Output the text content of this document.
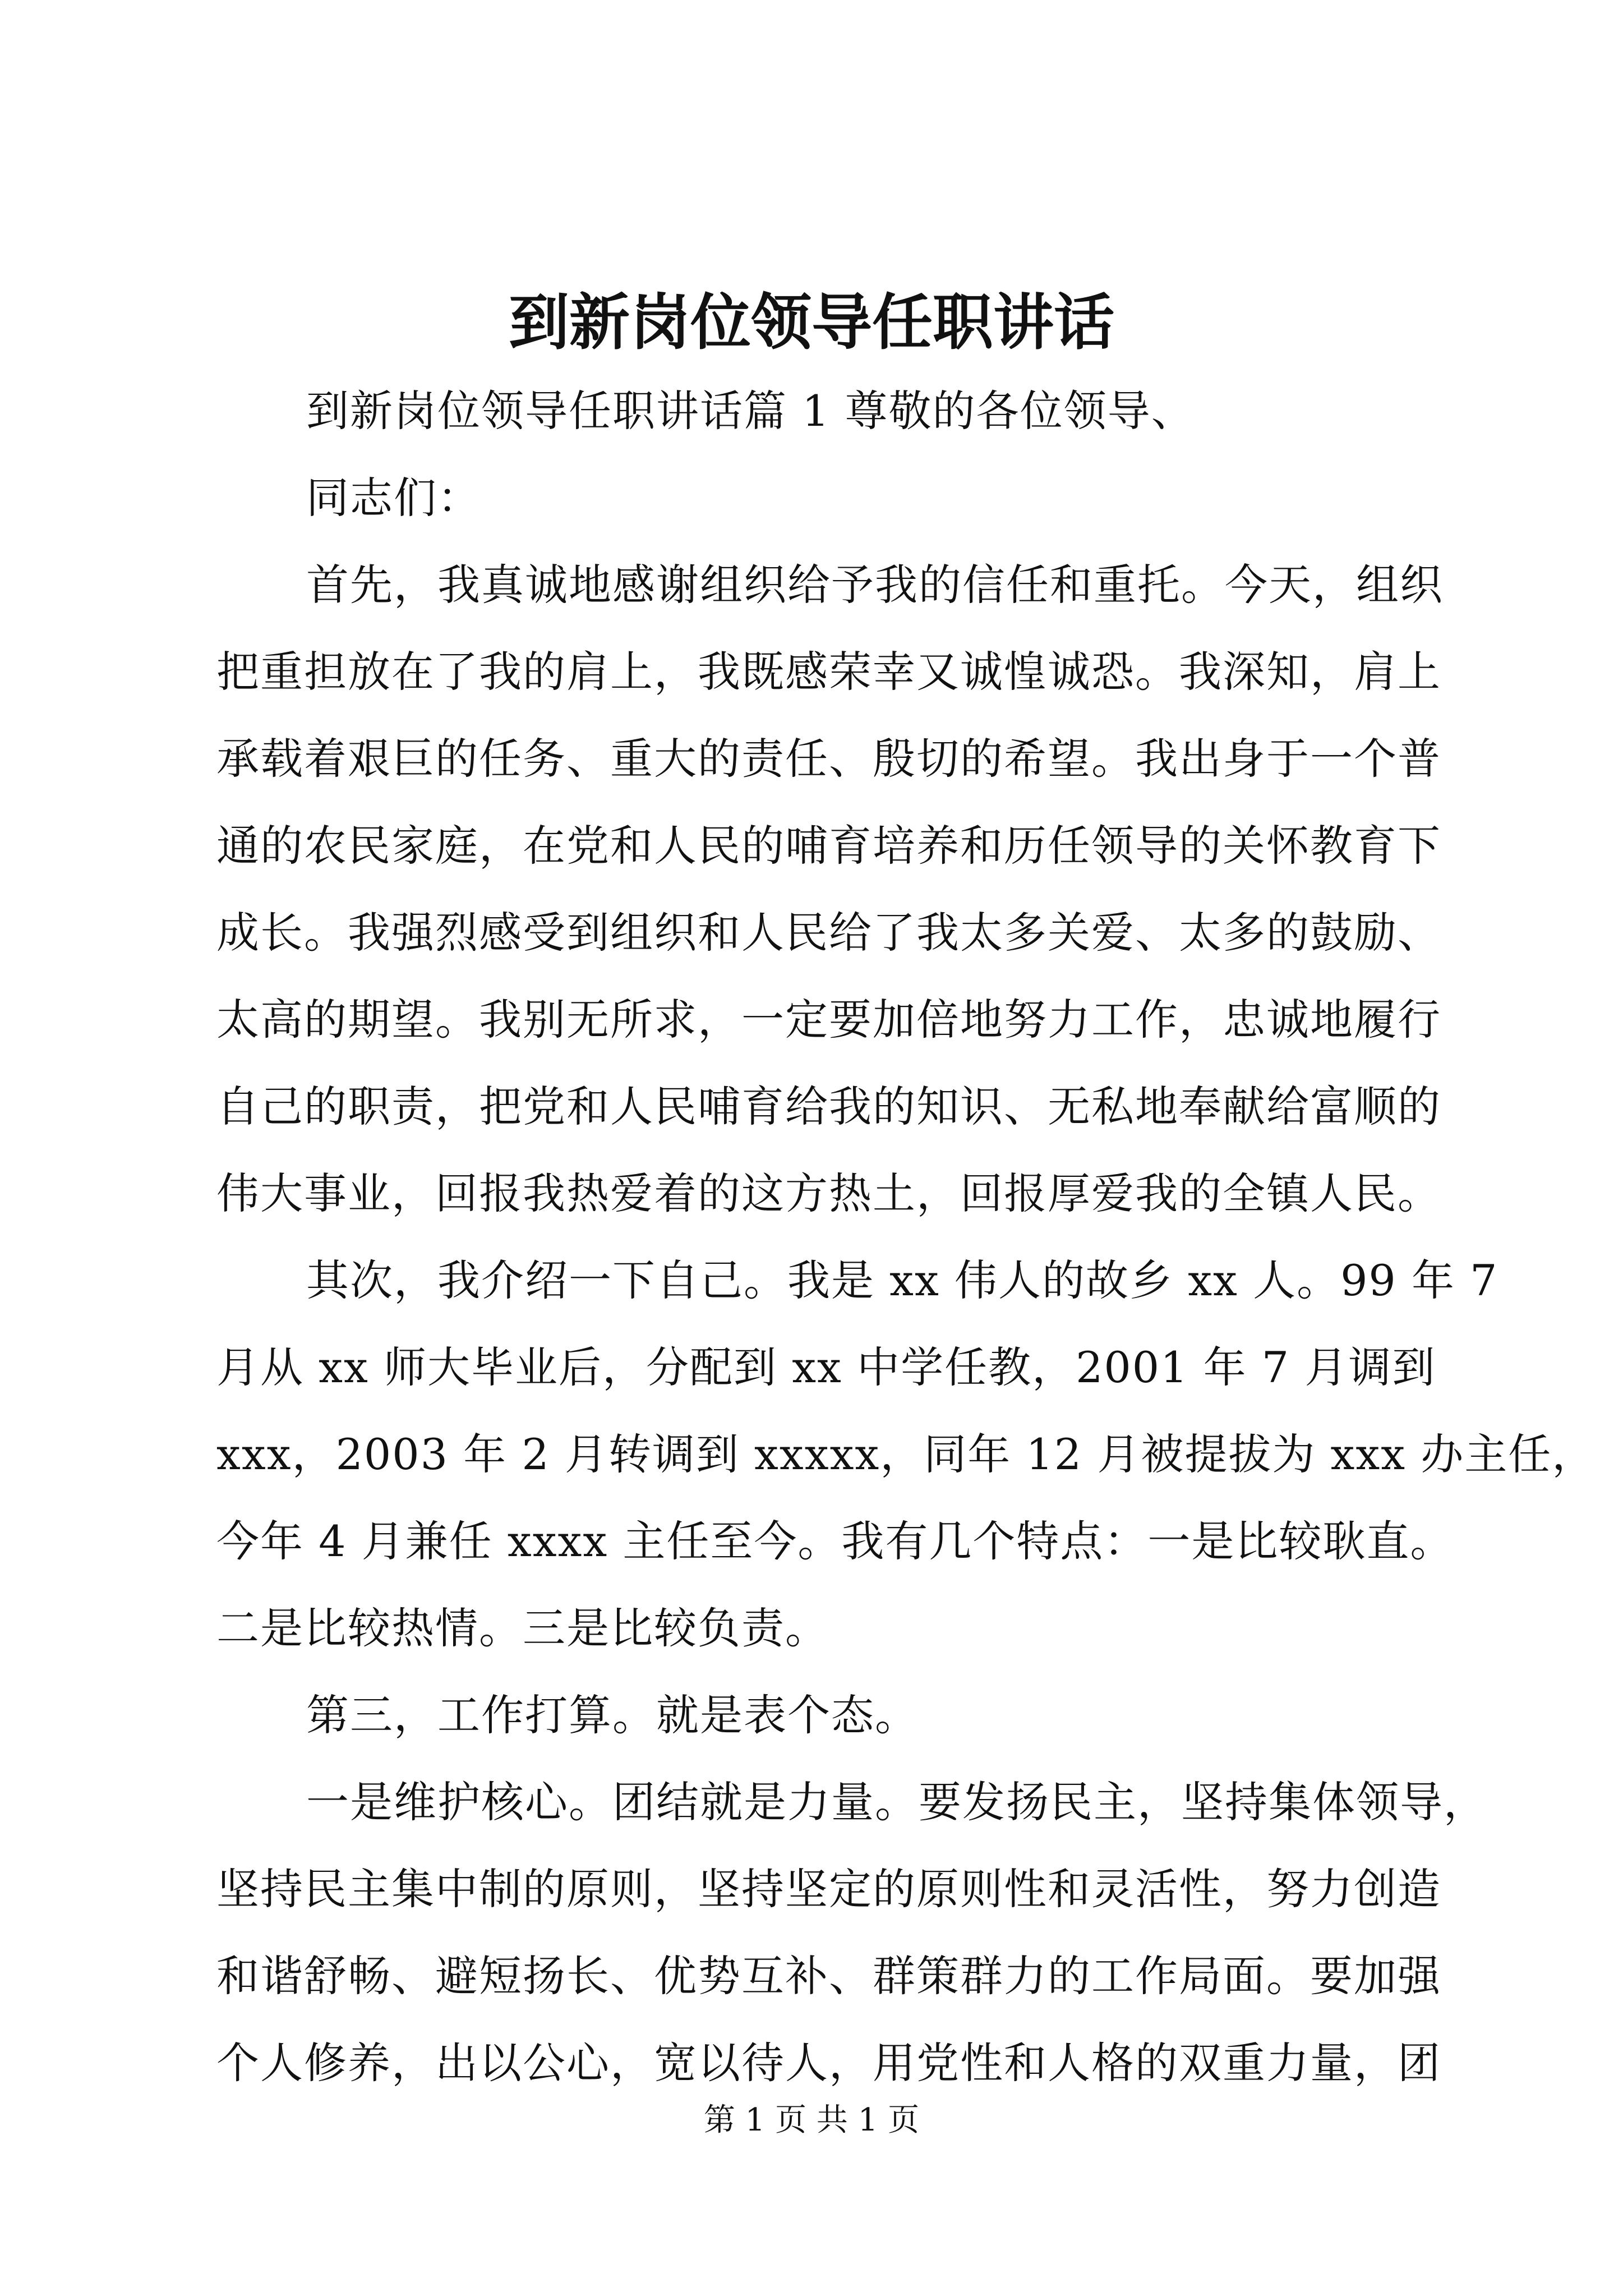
到新岗位领导任职讲话

到新岗位领导任职讲话篇 1 尊敬的各位领导、

同志们：

首先，我真诚地感谢组织给予我的信任和重托。今天，组织
把重担放在了我的肩上，我既感荣幸又诚惶诚恐。我深知，肩上
承载着艰巨的任务、重大的责任、殷切的希望。我出身于一个普
通的农民家庭，在党和人民的哺育培养和历任领导的关怀教育下
成长。我强烈感受到组织和人民给了我太多关爱、太多的鼓励、
太高的期望。我别无所求，一定要加倍地努力工作，忠诚地履行
自己的职责，把党和人民哺育给我的知识、无私地奉献给富顺的
伟大事业，回报我热爱着的这方热土，回报厚爱我的全镇人民。

其次，我介绍一下自己。我是 xx 伟人的故乡 xx 人。99 年 7
月从 xx 师大毕业后，分配到 xx 中学任教，2001 年 7 月调到
xxx，2003 年 2 月转调到 xxxxx，同年 12 月被提拔为 xxx 办主任，
今年 4 月兼任 xxxx 主任至今。我有几个特点：一是比较耿直。
二是比较热情。三是比较负责。

第三，工作打算。就是表个态。

一是维护核心。团结就是力量。要发扬民主，坚持集体领导，
坚持民主集中制的原则，坚持坚定的原则性和灵活性，努力创造
和谐舒畅、避短扬长、优势互补、群策群力的工作局面。要加强
个人修养，出以公心，宽以待人，用党性和人格的双重力量，团

第 1 页 共 1 页
